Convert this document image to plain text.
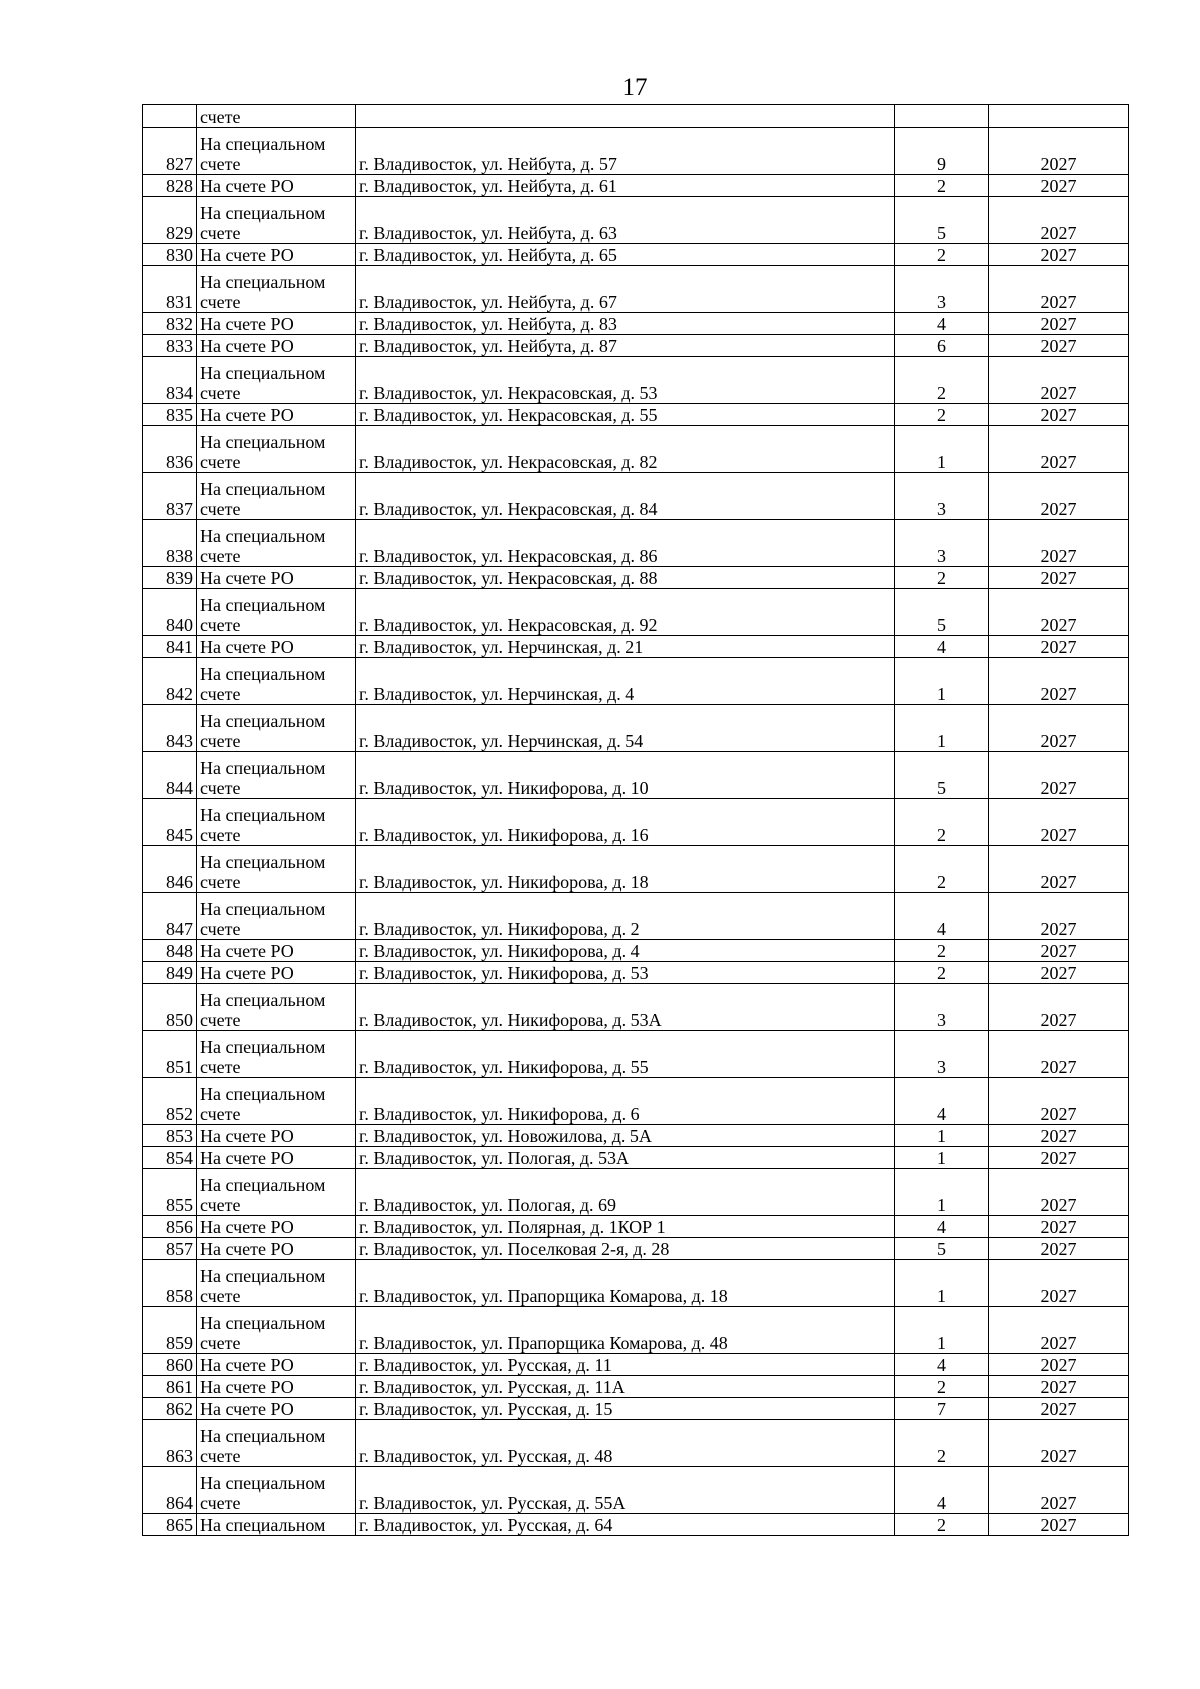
17
	счете			
827	На специальном
счете	г. Владивосток, ул. Нейбута, д. 57	9	2027
828	На счете РО	г. Владивосток, ул. Нейбута, д. 61	2	2027
829	На специальном
счете	г. Владивосток, ул. Нейбута, д. 63	5	2027
830	На счете РО	г. Владивосток, ул. Нейбута, д. 65	2	2027
831	На специальном
счете	г. Владивосток, ул. Нейбута, д. 67	3	2027
832	На счете РО	г. Владивосток, ул. Нейбута, д. 83	4	2027
833	На счете РО	г. Владивосток, ул. Нейбута, д. 87	6	2027
834	На специальном
счете	г. Владивосток, ул. Некрасовская, д. 53	2	2027
835	На счете РО	г. Владивосток, ул. Некрасовская, д. 55	2	2027
836	На специальном
счете	г. Владивосток, ул. Некрасовская, д. 82	1	2027
837	На специальном
счете	г. Владивосток, ул. Некрасовская, д. 84	3	2027
838	На специальном
счете	г. Владивосток, ул. Некрасовская, д. 86	3	2027
839	На счете РО	г. Владивосток, ул. Некрасовская, д. 88	2	2027
840	На специальном
счете	г. Владивосток, ул. Некрасовская, д. 92	5	2027
841	На счете РО	г. Владивосток, ул. Нерчинская, д. 21	4	2027
842	На специальном
счете	г. Владивосток, ул. Нерчинская, д. 4	1	2027
843	На специальном
счете	г. Владивосток, ул. Нерчинская, д. 54	1	2027
844	На специальном
счете	г. Владивосток, ул. Никифорова, д. 10	5	2027
845	На специальном
счете	г. Владивосток, ул. Никифорова, д. 16	2	2027
846	На специальном
счете	г. Владивосток, ул. Никифорова, д. 18	2	2027
847	На специальном
счете	г. Владивосток, ул. Никифорова, д. 2	4	2027
848	На счете РО	г. Владивосток, ул. Никифорова, д. 4	2	2027
849	На счете РО	г. Владивосток, ул. Никифорова, д. 53	2	2027
850	На специальном
счете	г. Владивосток, ул. Никифорова, д. 53А	3	2027
851	На специальном
счете	г. Владивосток, ул. Никифорова, д. 55	3	2027
852	На специальном
счете	г. Владивосток, ул. Никифорова, д. 6	4	2027
853	На счете РО	г. Владивосток, ул. Новожилова, д. 5А	1	2027
854	На счете РО	г. Владивосток, ул. Пологая, д. 53А	1	2027
855	На специальном
счете	г. Владивосток, ул. Пологая, д. 69	1	2027
856	На счете РО	г. Владивосток, ул. Полярная, д. 1КОР 1	4	2027
857	На счете РО	г. Владивосток, ул. Поселковая 2-я, д. 28	5	2027
858	На специальном
счете	г. Владивосток, ул. Прапорщика Комарова, д. 18	1	2027
859	На специальном
счете	г. Владивосток, ул. Прапорщика Комарова, д. 48	1	2027
860	На счете РО	г. Владивосток, ул. Русская, д. 11	4	2027
861	На счете РО	г. Владивосток, ул. Русская, д. 11А	2	2027
862	На счете РО	г. Владивосток, ул. Русская, д. 15	7	2027
863	На специальном
счете	г. Владивосток, ул. Русская, д. 48	2	2027
864	На специальном
счете	г. Владивосток, ул. Русская, д. 55А	4	2027
865	На специальном	г. Владивосток, ул. Русская, д. 64	2	2027
